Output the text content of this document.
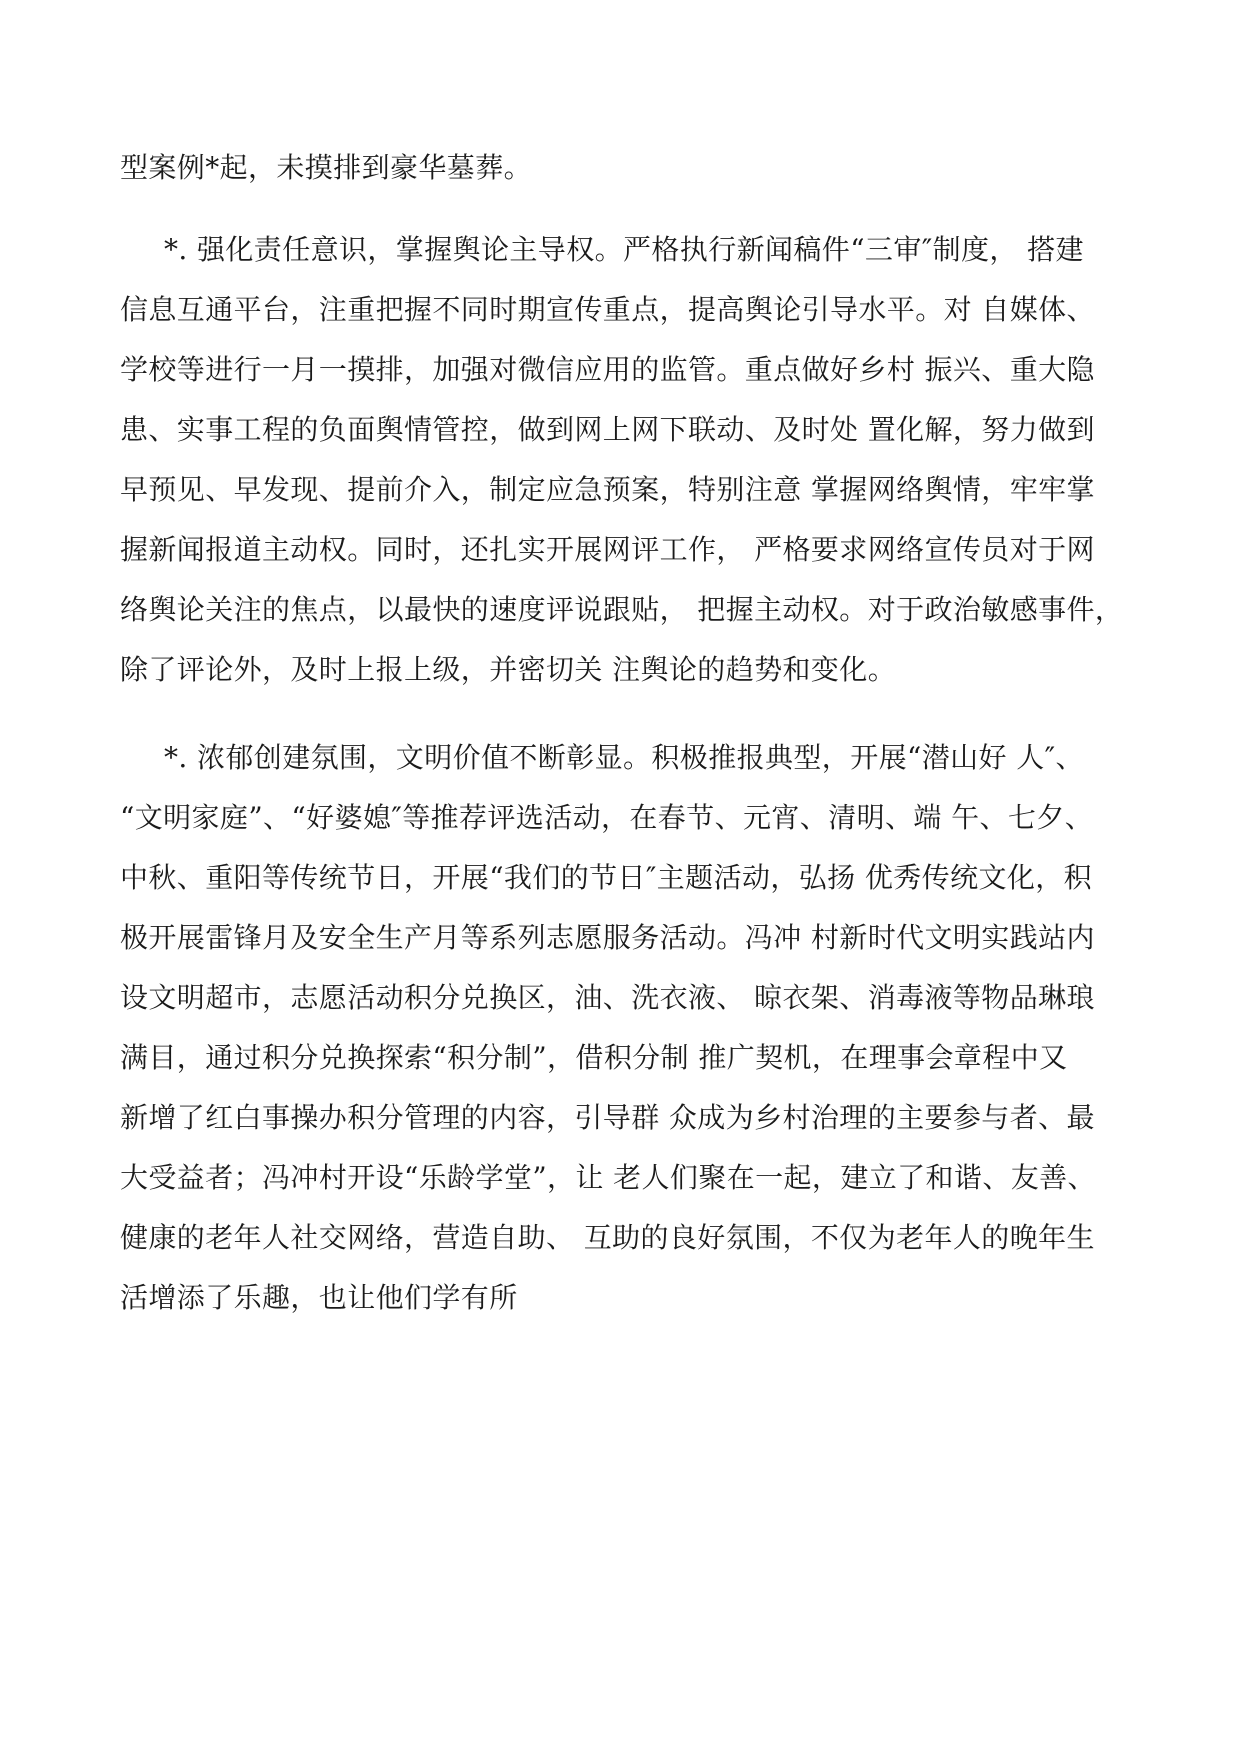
型案例*起，未摸排到豪华墓葬。
*. 强化责任意识，掌握舆论主导权。严格执行新闻稿件“三审″制度， 搭建
信息互通平台，注重把握不同时期宣传重点，提高舆论引导水平。对 自媒体、
学校等进行一月一摸排，加强对微信应用的监管。重点做好乡村 振兴、重大隐
患、实事工程的负面舆情管控，做到网上网下联动、及时处 置化解，努力做到
早预见、早发现、提前介入，制定应急预案，特别注意 掌握网络舆情，牢牢掌
握新闻报道主动权。同时，还扎实开展网评工作， 严格要求网络宣传员对于网
络舆论关注的焦点，以最快的速度评说跟贴， 把握主动权。对于政治敏感事件，
除了评论外，及时上报上级，并密切关 注舆论的趋势和变化。
*. 浓郁创建氛围，文明价值不断彰显。积极推报典型，开展“潜山好 人″、
“文明家庭”、“好婆媳″等推荐评选活动，在春节、元宵、清明、端 午、七夕、
中秋、重阳等传统节日，开展“我们的节日″主题活动，弘扬 优秀传统文化，积
极开展雷锋月及安全生产月等系列志愿服务活动。冯冲 村新时代文明实践站内
设文明超市，志愿活动积分兑换区，油、洗衣液、 晾衣架、消毒液等物品琳琅
满目，通过积分兑换探索“积分制”，借积分制 推广契机，在理事会章程中又
新增了红白事操办积分管理的内容，引导群 众成为乡村治理的主要参与者、最
大受益者；冯冲村开设“乐龄学堂”，让 老人们聚在一起，建立了和谐、友善、
健康的老年人社交网络，营造自助、 互助的良好氛围，不仅为老年人的晚年生
活增添了乐趣，也让他们学有所
